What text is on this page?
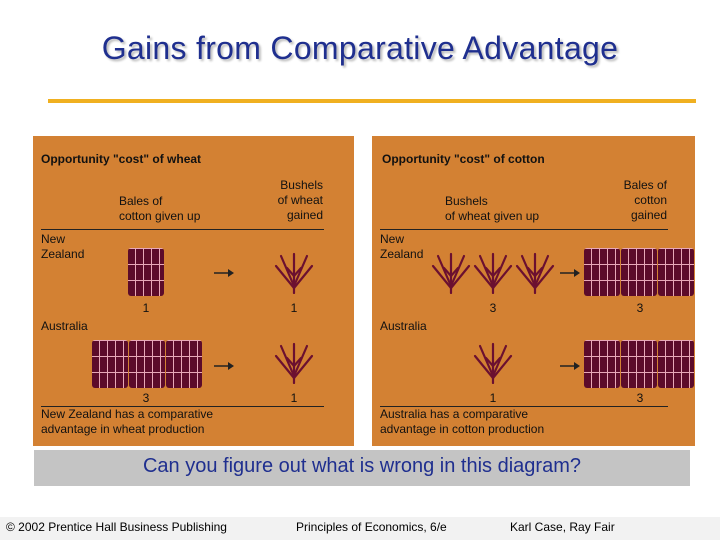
Gains from Comparative Advantage
Opportunity "cost" of wheat
Bales of
cotton given up
Bushels
of wheat
gained
New
Zealand
1	1
Australia
3	1
New Zealand has a comparative
advantage in wheat production
Opportunity "cost" of cotton
Bushels
of wheat given up
Bales of
cotton
gained
New
Zealand
3	3
Australia
1	3
Australia has a comparative
advantage in cotton production
Can you figure out what is wrong in this diagram?
© 2002 Prentice Hall Business Publishing	Principles of Economics, 6/e	Karl Case, Ray Fair
